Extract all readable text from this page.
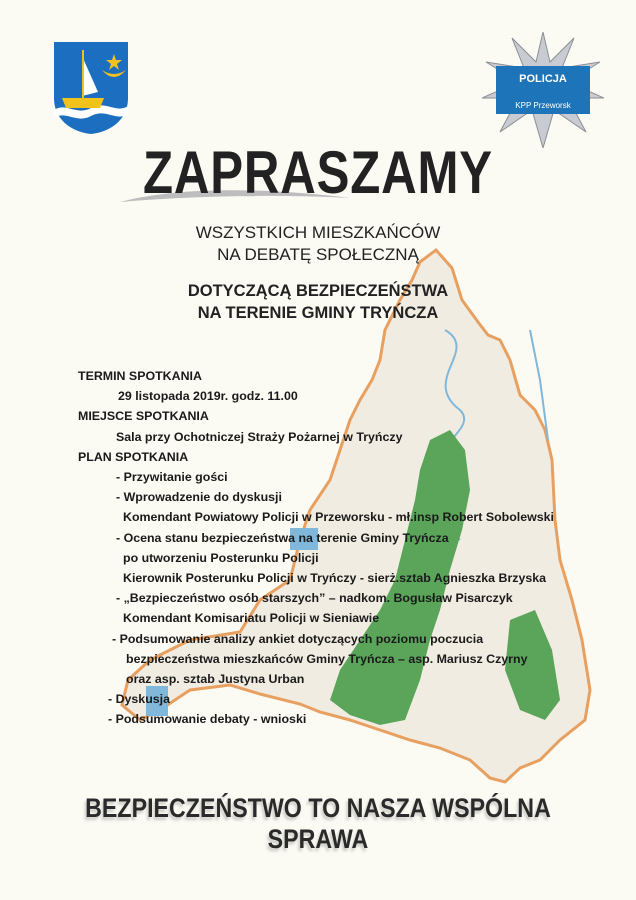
POLICJA
KPP Przeworsk
ZAPRASZAMY
WSZYSTKICH MIESZKAŃCÓW
NA DEBATĘ SPOŁECZNĄ
DOTYCZĄCĄ BEZPIECZEŃSTWA
NA TERENIE GMINY TRYŃCZA
TERMIN SPOTKANIA
29 listopada 2019r. godz. 11.00
MIEJSCE SPOTKANIA
Sala przy Ochotniczej Straży Pożarnej w Tryńczy
PLAN SPOTKANIA
- Przywitanie gości
- Wprowadzenie do dyskusji
Komendant Powiatowy Policji w Przeworsku - mł.insp Robert Sobolewski
- Ocena stanu bezpieczeństwa na terenie Gminy Tryńcza
po utworzeniu Posterunku Policji
Kierownik Posterunku Policji w Tryńczy - sierż.sztab Agnieszka Brzyska
- „Bezpieczeństwo osób starszych” – nadkom. Bogusław Pisarczyk
Komendant Komisariatu Policji w Sieniawie
- Podsumowanie analizy ankiet dotyczących poziomu poczucia
bezpieczeństwa mieszkańców Gminy Tryńcza – asp. Mariusz Czyrny
oraz asp. sztab Justyna Urban
- Dyskusja
- Podsumowanie debaty - wnioski
BEZPIECZEŃSTWO TO NASZA WSPÓLNA SPRAWA
